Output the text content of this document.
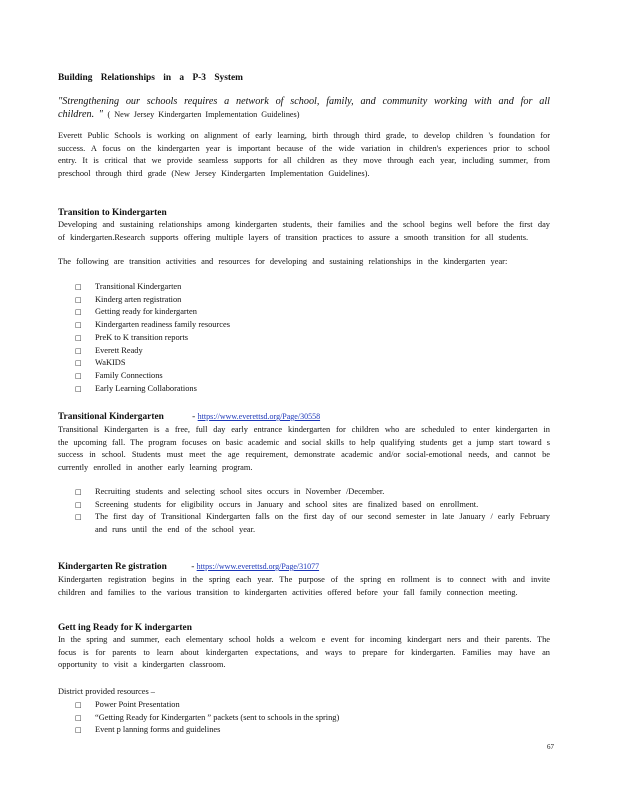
Building Relationships in a P-3 System
"Strengthening our schools requires a network of school, family, and community working with and for all children. " ( New Jersey Kindergarten Implementation Guidelines)
Everett Public Schools is working on alignment of early learning, birth through third grade, to develop children 's foundation for success. A focus on the kindergarten year is important because of the wide variation in children's experiences prior to school entry. It is critical that we provide seamless supports for all children as they move through each year, including summer, from preschool through third grade (New Jersey Kindergarten Implementation Guidelines).
Transition to Kindergarten
Developing and sustaining relationships among kindergarten students, their families and the school begins well before the first day of kindergarten.Research supports offering multiple layers of transition practices to assure a smooth transition for all students.
The following are transition activities and resources for developing and sustaining relationships in the kindergarten year:
□ Transitional Kindergarten
□ Kinderg arten registration
□ Getting ready for kindergarten
□ Kindergarten readiness family resources
□ PreK to K transition reports
□ Everett Ready
□ WaKIDS
□ Family Connections
□ Early Learning Collaborations
Transitional Kindergarten	- https://www.everettsd.org/Page/30558
Transitional Kindergarten is a free, full day early entrance kindergarten for children who are scheduled to enter kindergarten in the upcoming fall. The program focuses on basic academic and social skills to help qualifying students get a jump start toward s success in school. Students must meet the age requirement, demonstrate academic and/or social-emotional needs, and cannot be currently enrolled in another early learning program.
□ Recruiting students and selecting school sites occurs in November /December.
□ Screening students for eligibility occurs in January and school sites are finalized based on enrollment.
□ The first day of Transitional Kindergarten falls on the first day of our second semester in late January / early February and runs until the end of the school year.
Kindergarten Re gistration	- https://www.everettsd.org/Page/31077
Kindergarten registration begins in the spring each year. The purpose of the spring en rollment is to connect with and invite children and families to the various transition to kindergarten activities offered before your fall family connection meeting.
Gett ing Ready for K indergarten
In the spring and summer, each elementary school holds a welcom e event for incoming kindergart ners and their parents. The focus is for parents to learn about kindergarten expectations, and ways to prepare for kindergarten. Families may have an opportunity to visit a kindergarten classroom.
District provided resources –
□ Power Point Presentation
□ “Getting Ready for Kindergarten ” packets (sent to schools in the spring)
□ Event p lanning forms and guidelines
67
